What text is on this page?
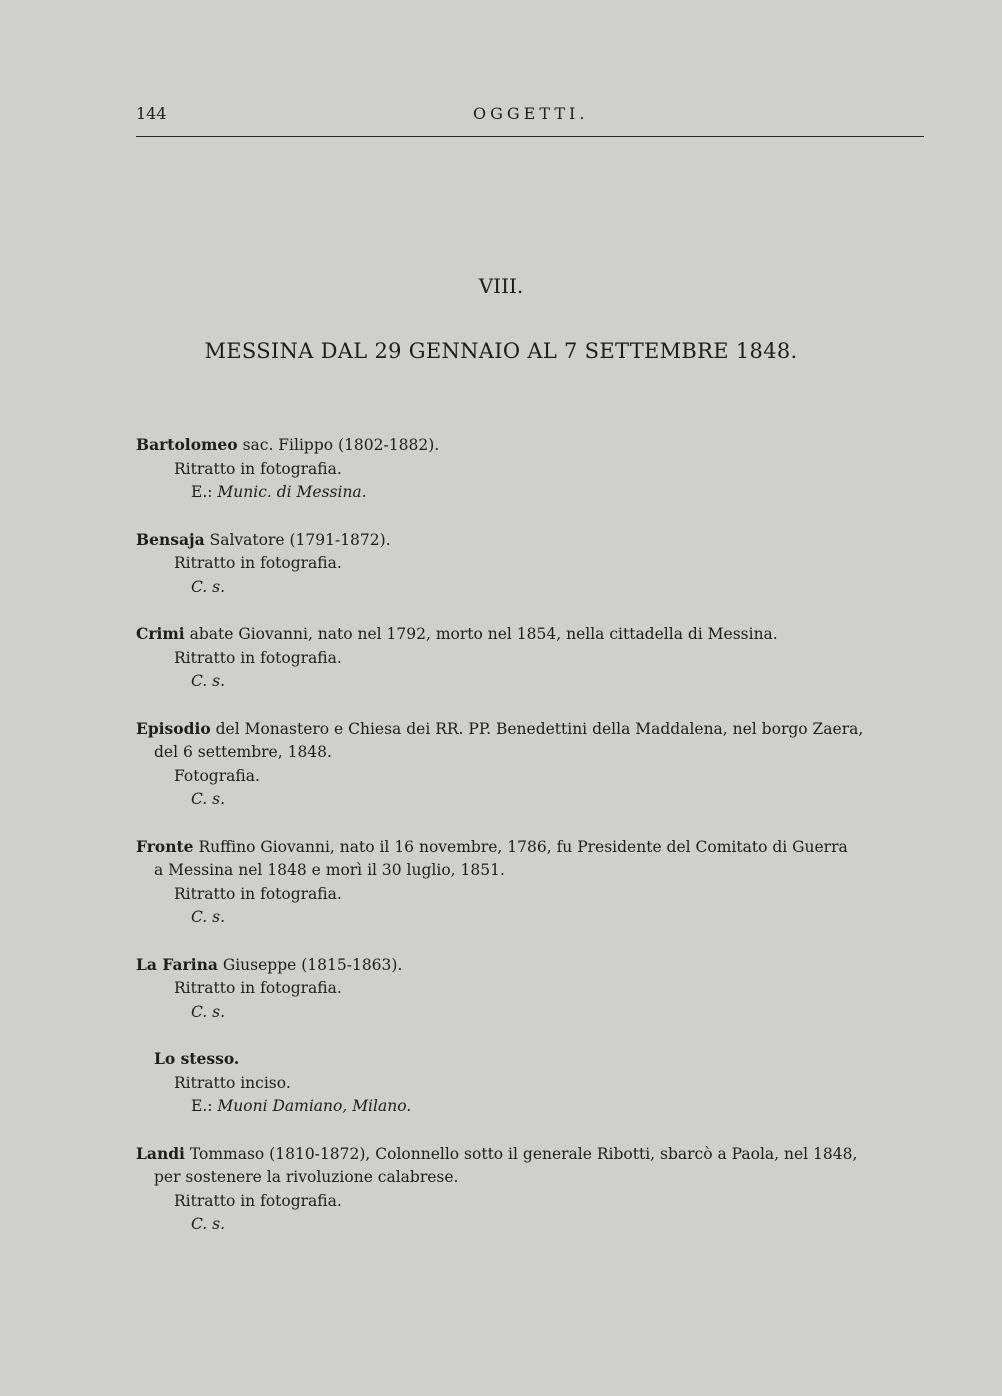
144	OGGETTI.
VIII.
MESSINA DAL 29 GENNAIO AL 7 SETTEMBRE 1848.
Bartolomeo sac. Filippo (1802-1882).
Ritratto in fotografia.
E.: Munic. di Messina.
Bensaja Salvatore (1791-1872).
Ritratto in fotografia.
C. s.
Crimi abate Giovanni, nato nel 1792, morto nel 1854, nella cittadella di Messina.
Ritratto in fotografia.
C. s.
Episodio del Monastero e Chiesa dei RR. PP. Benedettini della Maddalena, nel borgo Zaera,
del 6 settembre, 1848.
Fotografia.
C. s.
Fronte Ruffino Giovanni, nato il 16 novembre, 1786, fu Presidente del Comitato di Guerra
a Messina nel 1848 e morì il 30 luglio, 1851.
Ritratto in fotografia.
C. s.
La Farina Giuseppe (1815-1863).
Ritratto in fotografia.
C. s.
Lo stesso.
Ritratto inciso.
E.: Muoni Damiano, Milano.
Landi Tommaso (1810-1872), Colonnello sotto il generale Ribotti, sbarcò a Paola, nel 1848,
per sostenere la rivoluzione calabrese.
Ritratto in fotografia.
C. s.
